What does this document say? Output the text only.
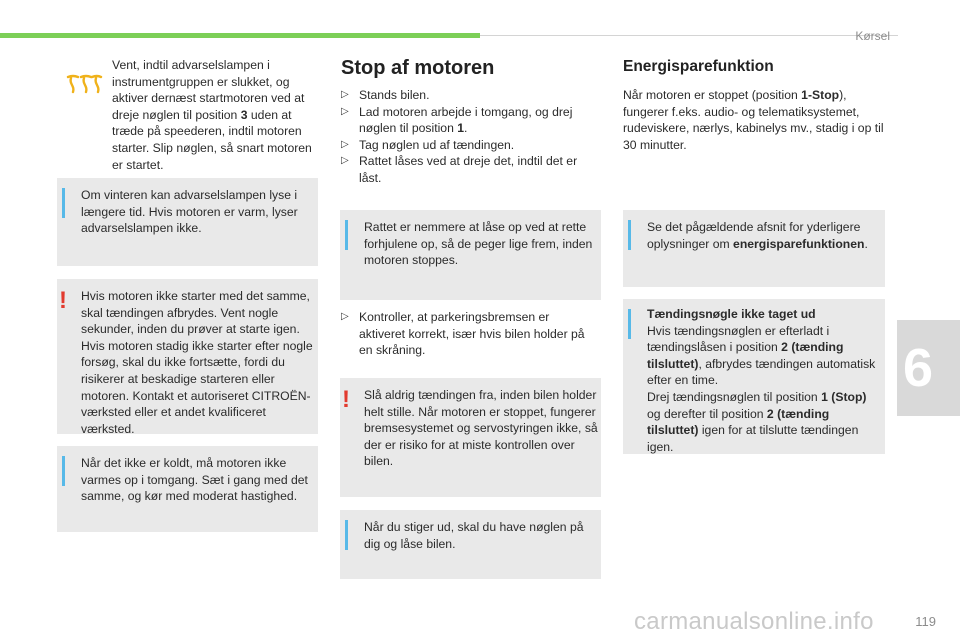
Kørsel
6
Vent, indtil advarselslampen i instrumentgruppen er slukket, og aktiver dernæst startmotoren ved at dreje nøglen til position 3 uden at træde på speederen, indtil motoren starter. Slip nøglen, så snart motoren er startet.
Om vinteren kan advarselslampen lyse i længere tid. Hvis motoren er varm, lyser advarselslampen ikke.
! Hvis motoren ikke starter med det samme, skal tændingen afbrydes. Vent nogle sekunder, inden du prøver at starte igen. Hvis motoren stadig ikke starter efter nogle forsøg, skal du ikke fortsætte, fordi du risikerer at beskadige starteren eller motoren. Kontakt et autoriseret CITROËN-værksted eller et andet kvalificeret værksted.
Når det ikke er koldt, må motoren ikke varmes op i tomgang. Sæt i gang med det samme, og kør med moderat hastighed.
Stop af motoren
▷ Stands bilen.
▷ Lad motoren arbejde i tomgang, og drej nøglen til position 1.
▷ Tag nøglen ud af tændingen.
▷ Rattet låses ved at dreje det, indtil det er låst.
Rattet er nemmere at låse op ved at rette forhjulene op, så de peger lige frem, inden motoren stoppes.
▷ Kontroller, at parkeringsbremsen er aktiveret korrekt, især hvis bilen holder på en skråning.
! Slå aldrig tændingen fra, inden bilen holder helt stille. Når motoren er stoppet, fungerer bremsesystemet og servostyringen ikke, så der er risiko for at miste kontrollen over bilen.
Når du stiger ud, skal du have nøglen på dig og låse bilen.
Energisparefunktion
Når motoren er stoppet (position 1-Stop), fungerer f.eks. audio- og telematiksystemet, rudeviskere, nærlys, kabinelys mv., stadig i op til 30 minutter.
Se det pågældende afsnit for yderligere oplysninger om energisparefunktionen.
Tændingsnøgle ikke taget ud
Hvis tændingsnøglen er efterladt i tændingslåsen i position 2 (tænding tilsluttet), afbrydes tændingen automatisk efter en time.
Drej tændingsnøglen til position 1 (Stop) og derefter til position 2 (tænding tilsluttet) igen for at tilslutte tændingen igen.
carmanualsonline.info	119
